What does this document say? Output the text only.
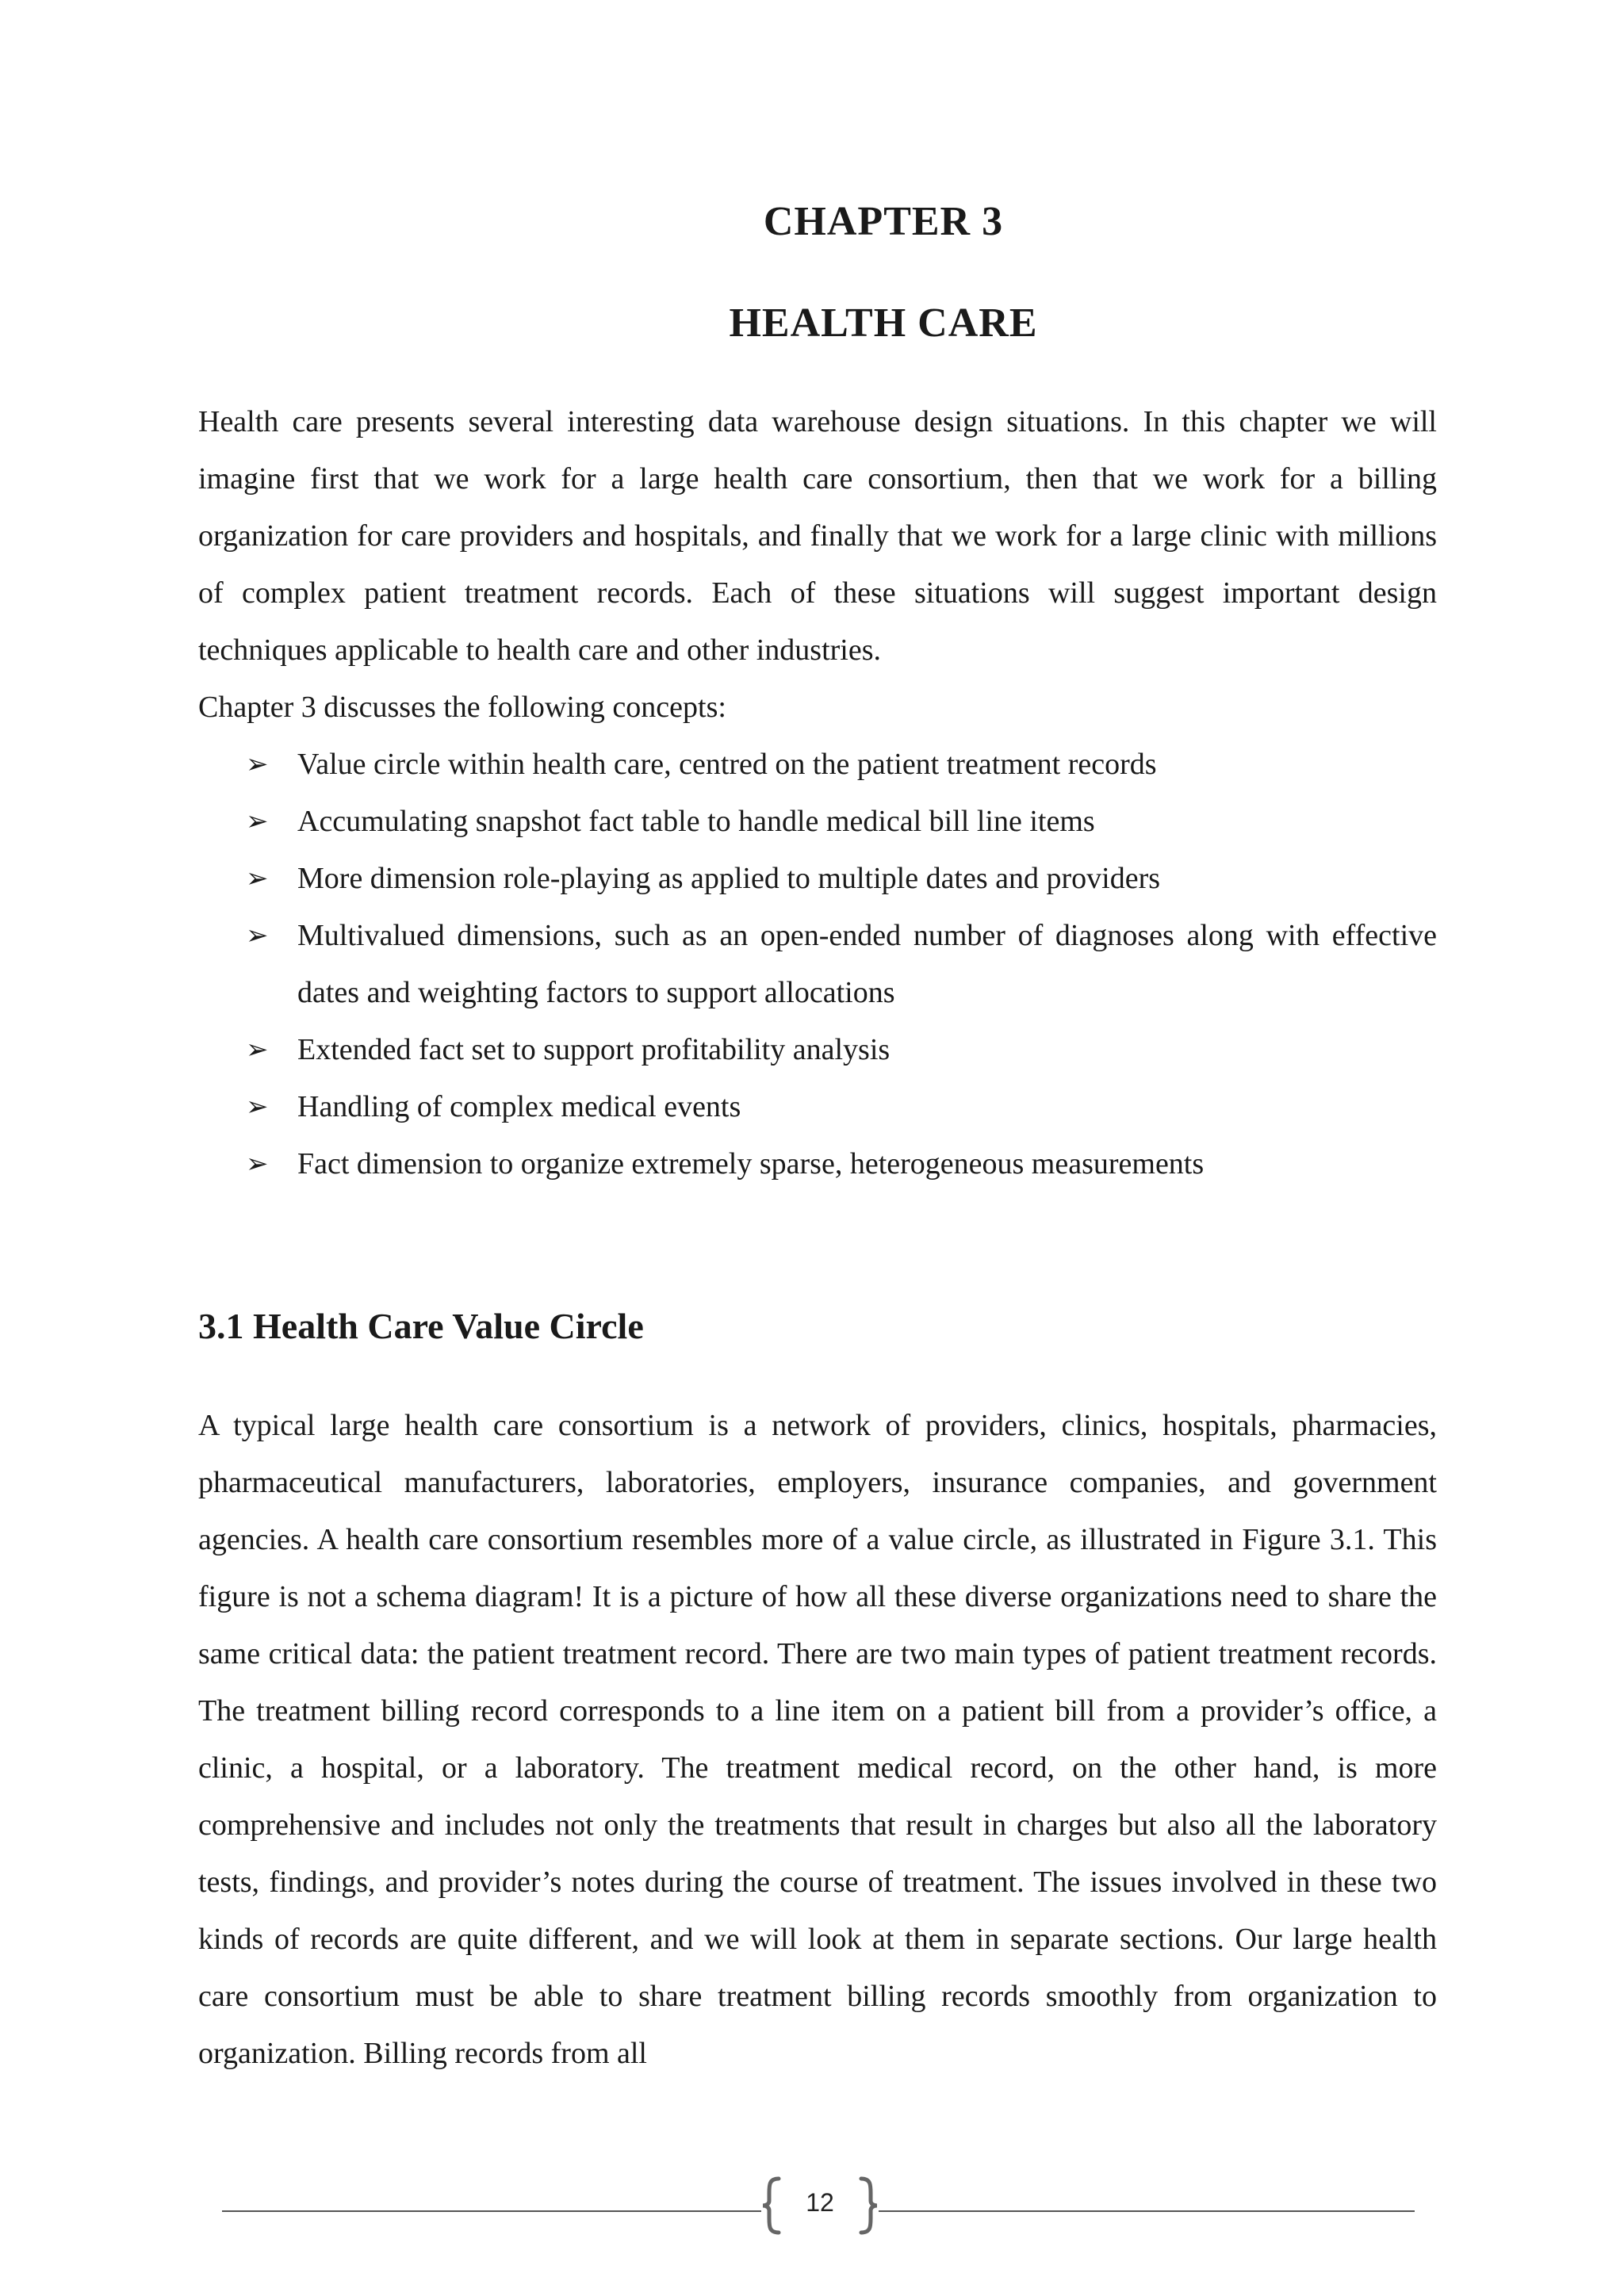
CHAPTER 3
HEALTH CARE

Health care presents several interesting data warehouse design situations. In this chapter we will imagine first that we work for a large health care consortium, then that we work for a billing organization for care providers and hospitals, and finally that we work for a large clinic with millions of complex patient treatment records. Each of these situations will suggest important design techniques applicable to health care and other industries.

Chapter 3 discusses the following concepts:

➢ Value circle within health care, centred on the patient treatment records
➢ Accumulating snapshot fact table to handle medical bill line items
➢ More dimension role-playing as applied to multiple dates and providers
➢ Multivalued dimensions, such as an open-ended number of diagnoses along with effective dates and weighting factors to support allocations
➢ Extended fact set to support profitability analysis
➢ Handling of complex medical events
➢ Fact dimension to organize extremely sparse, heterogeneous measurements
3.1 Health Care Value Circle

A typical large health care consortium is a network of providers, clinics, hospitals, pharmacies, pharmaceutical manufacturers, laboratories, employers, insurance companies, and government agencies. A health care consortium resembles more of a value circle, as illustrated in Figure 3.1. This figure is not a schema diagram! It is a picture of how all these diverse organizations need to share the same critical data: the patient treatment record. There are two main types of patient treatment records. The treatment billing record corresponds to a line item on a patient bill from a provider’s office, a clinic, a hospital, or a laboratory. The treatment medical record, on the other hand, is more comprehensive and includes not only the treatments that result in charges but also all the laboratory tests, findings, and provider’s notes during the course of treatment. The issues involved in these two kinds of records are quite different, and we will look at them in separate sections. Our large health care consortium must be able to share treatment billing records smoothly from organization to organization. Billing records from all

12
